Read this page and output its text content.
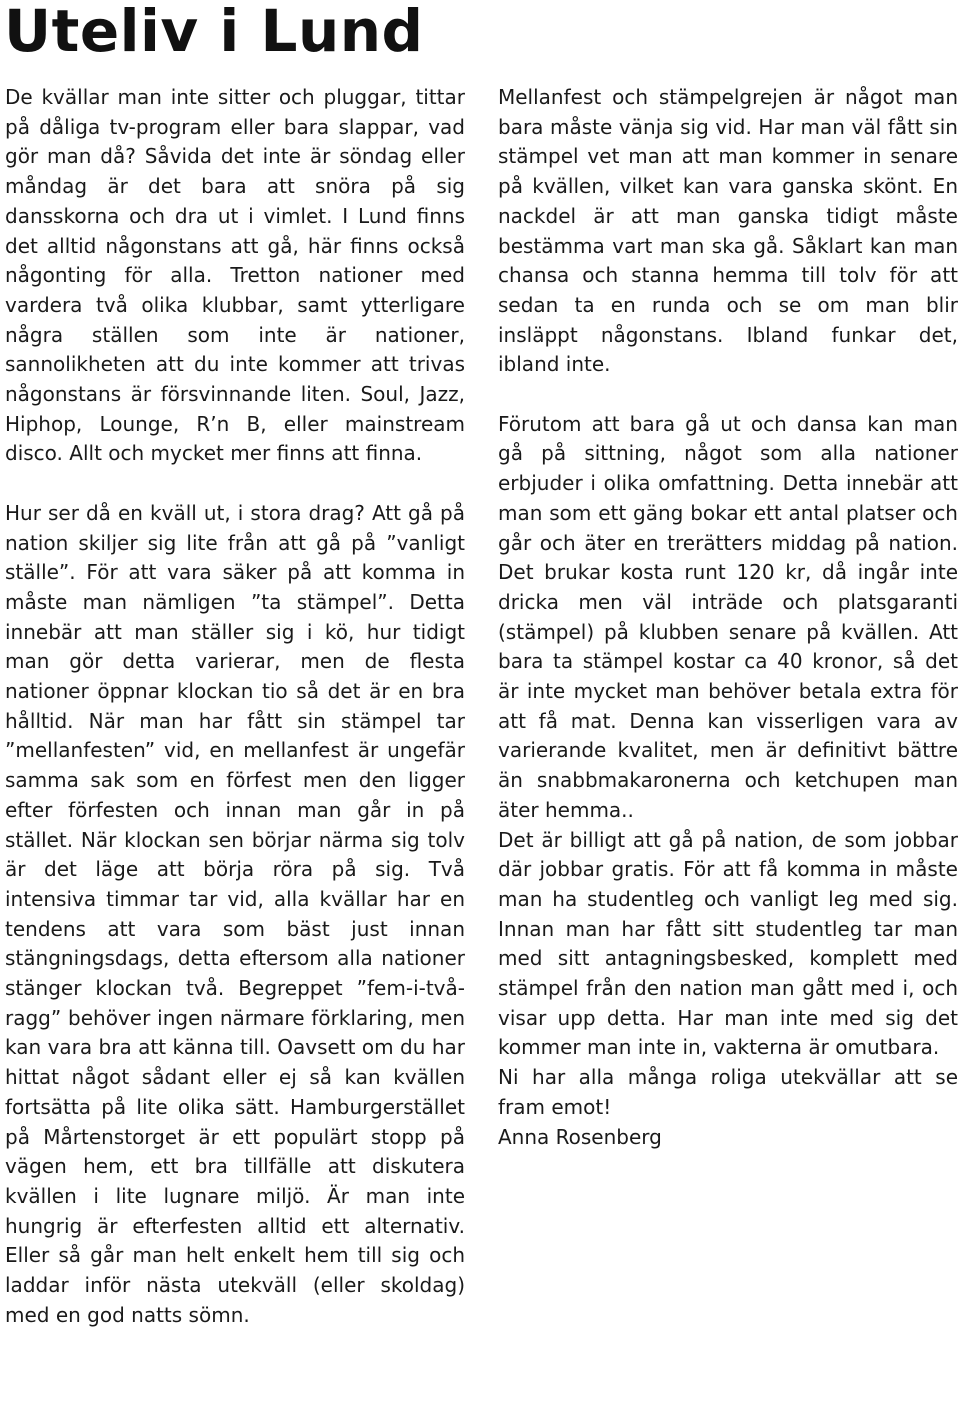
Uteliv i Lund

De kvällar man inte sitter och pluggar, tittar på dåliga tv-program eller bara slappar, vad gör man då? Såvida det inte är söndag eller måndag är det bara att snöra på sig dansskorna och dra ut i vimlet. I Lund finns det alltid någonstans att gå, här finns också någonting för alla. Tretton nationer med vardera två olika klubbar, samt ytterligare några ställen som inte är nationer, sannolikheten att du inte kommer att trivas någonstans är försvinnande liten. Soul, Jazz, Hiphop, Lounge, R’n B, eller mainstream disco. Allt och mycket mer finns att finna.

Hur ser då en kväll ut, i stora drag? Att gå på nation skiljer sig lite från att gå på ”vanligt ställe”. För att vara säker på att komma in måste man nämligen ”ta stämpel”. Detta innebär att man ställer sig i kö, hur tidigt man gör detta varierar, men de flesta nationer öppnar klockan tio så det är en bra hålltid. När man har fått sin stämpel tar ”mellanfesten” vid, en mellanfest är ungefär samma sak som en förfest men den ligger efter förfesten och innan man går in på stället. När klockan sen börjar närma sig tolv är det läge att börja röra på sig. Två intensiva timmar tar vid, alla kvällar har en tendens att vara som bäst just innan stängningsdags, detta eftersom alla nationer stänger klockan två. Begreppet ”fem-i-två-ragg” behöver ingen närmare förklaring, men kan vara bra att känna till. Oavsett om du har hittat något sådant eller ej så kan kvällen fortsätta på lite olika sätt. Hamburgerstället på Mårtenstorget är ett populärt stopp på vägen hem, ett bra tillfälle att diskutera kvällen i lite lugnare miljö. Är man inte hungrig är efterfesten alltid ett alternativ. Eller så går man helt enkelt hem till sig och laddar inför nästa utekväll (eller skoldag) med en god natts sömn.

Mellanfest och stämpelgrejen är något man bara måste vänja sig vid. Har man väl fått sin stämpel vet man att man kommer in senare på kvällen, vilket kan vara ganska skönt. En nackdel är att man ganska tidigt måste bestämma vart man ska gå. Såklart kan man chansa och stanna hemma till tolv för att sedan ta en runda och se om man blir insläppt någonstans. Ibland funkar det, ibland inte.

Förutom att bara gå ut och dansa kan man gå på sittning, något som alla nationer erbjuder i olika omfattning. Detta innebär att man som ett gäng bokar ett antal platser och går och äter en trerätters middag på nation. Det brukar kosta runt 120 kr, då ingår inte dricka men väl inträde och platsgaranti (stämpel) på klubben senare på kvällen. Att bara ta stämpel kostar ca 40 kronor, så det är inte mycket man behöver betala extra för att få mat. Denna kan visserligen vara av varierande kvalitet, men är definitivt bättre än snabbmakaronerna och ketchupen man äter hemma..

Det är billigt att gå på nation, de som jobbar där jobbar gratis. För att få komma in måste man ha studentleg och vanligt leg med sig. Innan man har fått sitt studentleg tar man med sitt antagningsbesked, komplett med stämpel från den nation man gått med i, och visar upp detta. Har man inte med sig det kommer man inte in, vakterna är omutbara.

Ni har alla många roliga utekvällar att se fram emot!

Anna Rosenberg
